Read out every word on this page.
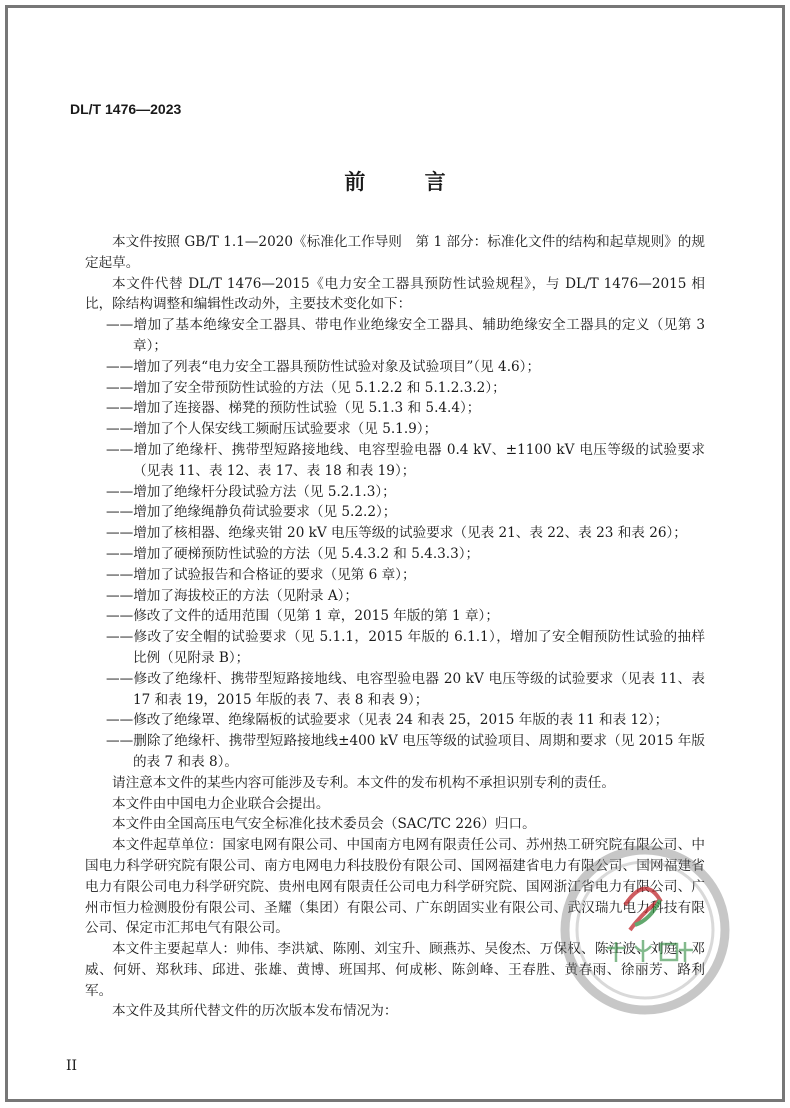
DL/T 1476—2023
前 言

本文件按照 GB/T 1.1—2020《标准化工作导则　第 1 部分：标准化文件的结构和起草规则》的规定起草。

本文件代替 DL/T 1476—2015《电力安全工器具预防性试验规程》，与 DL/T 1476—2015 相比，除结构调整和编辑性改动外，主要技术变化如下：

——增加了基本绝缘安全工器具、带电作业绝缘安全工器具、辅助绝缘安全工器具的定义（见第 3 章）；

——增加了列表“电力安全工器具预防性试验对象及试验项目”（见 4.6）；

——增加了安全带预防性试验的方法（见 5.1.2.2 和 5.1.2.3.2）；

——增加了连接器、梯凳的预防性试验（见 5.1.3 和 5.4.4）；

——增加了个人保安线工频耐压试验要求（见 5.1.9）；

——增加了绝缘杆、携带型短路接地线、电容型验电器 0.4 kV、±1100 kV 电压等级的试验要求（见表 11、表 12、表 17、表 18 和表 19）；

——增加了绝缘杆分段试验方法（见 5.2.1.3）；

——增加了绝缘绳静负荷试验要求（见 5.2.2）；

——增加了核相器、绝缘夹钳 20 kV 电压等级的试验要求（见表 21、表 22、表 23 和表 26）；

——增加了硬梯预防性试验的方法（见 5.4.3.2 和 5.4.3.3）；

——增加了试验报告和合格证的要求（见第 6 章）；

——增加了海拔校正的方法（见附录 A）；

——修改了文件的适用范围（见第 1 章，2015 年版的第 1 章）；

——修改了安全帽的试验要求（见 5.1.1，2015 年版的 6.1.1），增加了安全帽预防性试验的抽样比例（见附录 B）；

——修改了绝缘杆、携带型短路接地线、电容型验电器 20 kV 电压等级的试验要求（见表 11、表 17 和表 19，2015 年版的表 7、表 8 和表 9）；

——修改了绝缘罩、绝缘隔板的试验要求（见表 24 和表 25，2015 年版的表 11 和表 12）；

——删除了绝缘杆、携带型短路接地线±400 kV 电压等级的试验项目、周期和要求（见 2015 年版的表 7 和表 8）。

请注意本文件的某些内容可能涉及专利。本文件的发布机构不承担识别专利的责任。

本文件由中国电力企业联合会提出。

本文件由全国高压电气安全标准化技术委员会（SAC/TC 226）归口。

本文件起草单位：国家电网有限公司、中国南方电网有限责任公司、苏州热工研究院有限公司、中国电力科学研究院有限公司、南方电网电力科技股份有限公司、国网福建省电力有限公司、国网福建省电力有限公司电力科学研究院、贵州电网有限责任公司电力科学研究院、国网浙江省电力有限公司、广州市恒力检测股份有限公司、圣耀（集团）有限公司、广东朗固实业有限公司、武汉瑞九电力科技有限公司、保定市汇邦电气有限公司。

本文件主要起草人：帅伟、李洪斌、陈刚、刘宝升、顾燕苏、吴俊杰、万保权、陈江波、刘庭、邓威、何妍、郑秋玮、邱进、张雄、黄博、班国邦、何成彬、陈剑峰、王春胜、黄春雨、徐丽芳、路利军。

本文件及其所代替文件的历次版本发布情况为：

II
